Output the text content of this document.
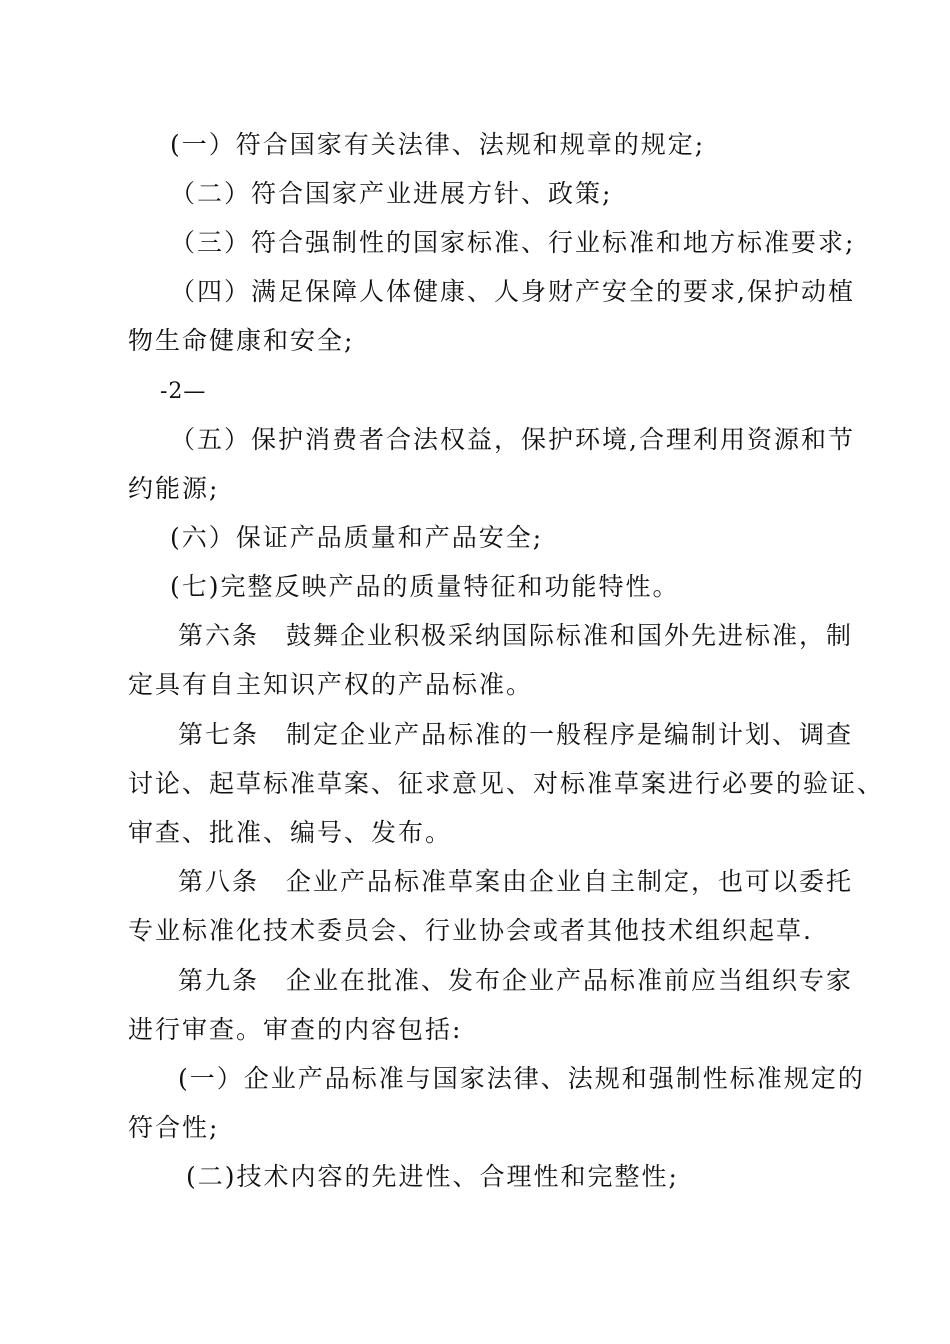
(一）符合国家有关法律、法规和规章的规定;
（二）符合国家产业进展方针、政策;
（三）符合强制性的国家标准、行业标准和地方标准要求;
（四）满足保障人体健康、人身财产安全的要求,保护动植
物生命健康和安全;
-2—
（五）保护消费者合法权益，保护环境,合理利用资源和节
约能源;
(六）保证产品质量和产品安全;
(七)完整反映产品的质量特征和功能特性。
第六条　鼓舞企业积极采纳国际标准和国外先进标准，制
定具有自主知识产权的产品标准。
第七条　制定企业产品标准的一般程序是编制计划、调查
讨论、起草标准草案、征求意见、对标准草案进行必要的验证、
审查、批准、编号、发布。
第八条　企业产品标准草案由企业自主制定，也可以委托
专业标准化技术委员会、行业协会或者其他技术组织起草.
第九条　企业在批准、发布企业产品标准前应当组织专家
进行审查。审查的内容包括:
(一）企业产品标准与国家法律、法规和强制性标准规定的
符合性;
(二)技术内容的先进性、合理性和完整性;
